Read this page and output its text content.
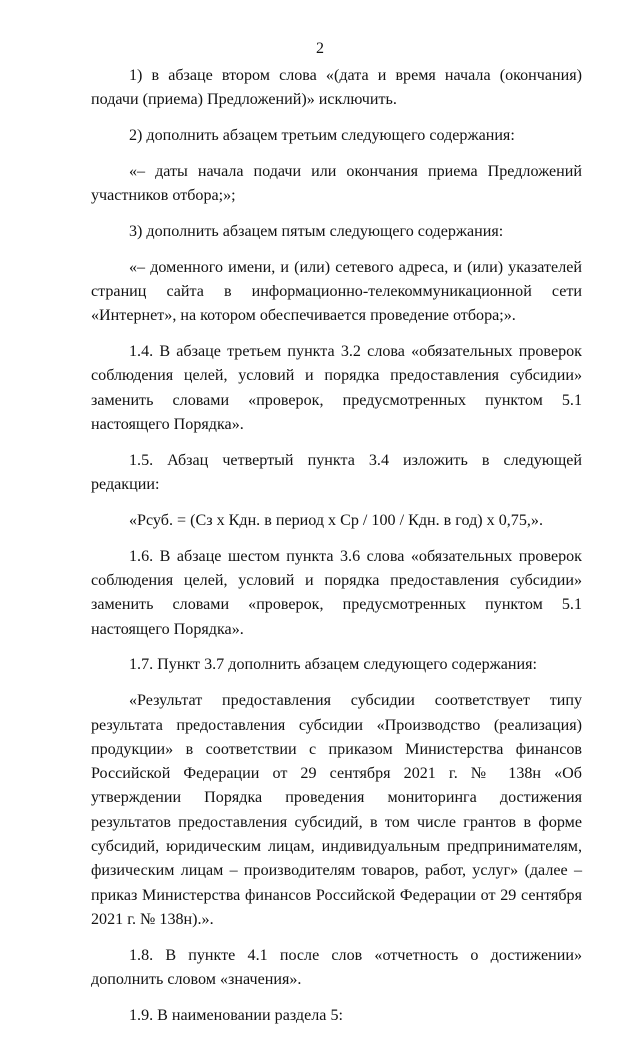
2

1) в абзаце втором слова «(дата и время начала (окончания) подачи (приема) Предложений)» исключить.

2) дополнить абзацем третьим следующего содержания:

«– даты начала подачи или окончания приема Предложений участников отбора;»;

3) дополнить абзацем пятым следующего содержания:

«– доменного имени, и (или) сетевого адреса, и (или) указателей страниц сайта в информационно-телекоммуникационной сети «Интернет», на котором обеспечивается проведение отбора;».

1.4. В абзаце третьем пункта 3.2 слова «обязательных проверок соблюдения целей, условий и порядка предоставления субсидии» заменить словами «проверок, предусмотренных пунктом 5.1 настоящего Порядка».

1.5. Абзац четвертый пункта 3.4 изложить в следующей редакции:

«Рсуб. = (Сз х Кдн. в период х Ср / 100 / Кдн. в год) х 0,75,».

1.6. В абзаце шестом пункта 3.6 слова «обязательных проверок соблюдения целей, условий и порядка предоставления субсидии» заменить словами «проверок, предусмотренных пунктом 5.1 настоящего Порядка».

1.7. Пункт 3.7 дополнить абзацем следующего содержания:

«Результат предоставления субсидии соответствует типу результата предоставления субсидии «Производство (реализация) продукции» в соответствии с приказом Министерства финансов Российской Федерации от 29 сентября 2021 г. № 138н «Об утверждении Порядка проведения мониторинга достижения результатов предоставления субсидий, в том числе грантов в форме субсидий, юридическим лицам, индивидуальным предпринимателям, физическим лицам – производителям товаров, работ, услуг» (далее – приказ Министерства финансов Российской Федерации от 29 сентября 2021 г. № 138н).».

1.8. В пункте 4.1 после слов «отчетность о достижении» дополнить словом «значения».

1.9. В наименовании раздела 5:
